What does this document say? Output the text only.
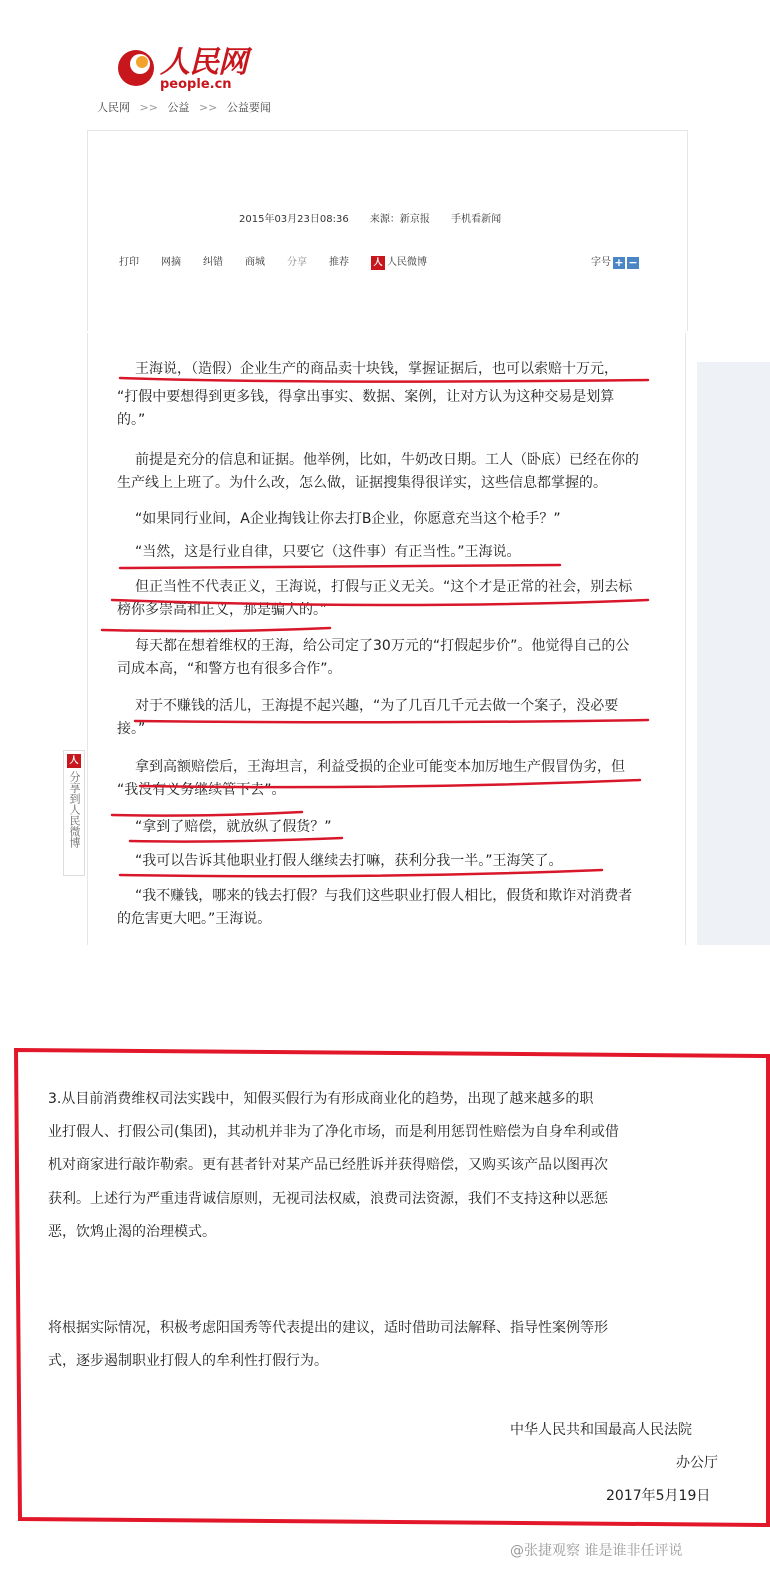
人民网
people.cn
人民网 >> 公益 >> 公益要闻
2015年03月23日08:36 来源：新京报 手机看新闻
打印 网摘 纠错 商城 分享 推荐	人 人民微博	字号 + −
人
分享到人民微博
王海说，（造假）企业生产的商品卖十块钱，掌握证据后，也可以索赔十万元，
“打假中要想得到更多钱，得拿出事实、数据、案例，让对方认为这种交易是划算
的。”
前提是充分的信息和证据。他举例，比如，牛奶改日期。工人（卧底）已经在你的
生产线上上班了。为什么改，怎么做，证据搜集得很详实，这些信息都掌握的。
“如果同行业间，A企业掏钱让你去打B企业，你愿意充当这个枪手？”
“当然，这是行业自律，只要它（这件事）有正当性。”王海说。
但正当性不代表正义，王海说，打假与正义无关。“这个才是正常的社会，别去标
榜你多崇高和正义，那是骗人的。”
每天都在想着维权的王海，给公司定了30万元的“打假起步价”。他觉得自己的公
司成本高，“和警方也有很多合作”。
对于不赚钱的活儿，王海提不起兴趣，“为了几百几千元去做一个案子，没必要
接。”
拿到高额赔偿后，王海坦言，利益受损的企业可能变本加厉地生产假冒伪劣，但
“我没有义务继续管下去”。
“拿到了赔偿，就放纵了假货？”
“我可以告诉其他职业打假人继续去打嘛，获利分我一半。”王海笑了。
“我不赚钱，哪来的钱去打假？与我们这些职业打假人相比，假货和欺诈对消费者
的危害更大吧。”王海说。
3.从目前消费维权司法实践中，知假买假行为有形成商业化的趋势，出现了越来越多的职
业打假人、打假公司(集团)，其动机并非为了净化市场，而是利用惩罚性赔偿为自身牟利或借
机对商家进行敲诈勒索。更有甚者针对某产品已经胜诉并获得赔偿，又购买该产品以图再次
获利。上述行为严重违背诚信原则，无视司法权威，浪费司法资源，我们不支持这种以恶惩
恶，饮鸩止渴的治理模式。
将根据实际情况，积极考虑阳国秀等代表提出的建议，适时借助司法解释、指导性案例等形
式，逐步遏制职业打假人的牟利性打假行为。
中华人民共和国最高人民法院
办公厅
2017年5月19日
@张捷观察 谁是谁非任评说
